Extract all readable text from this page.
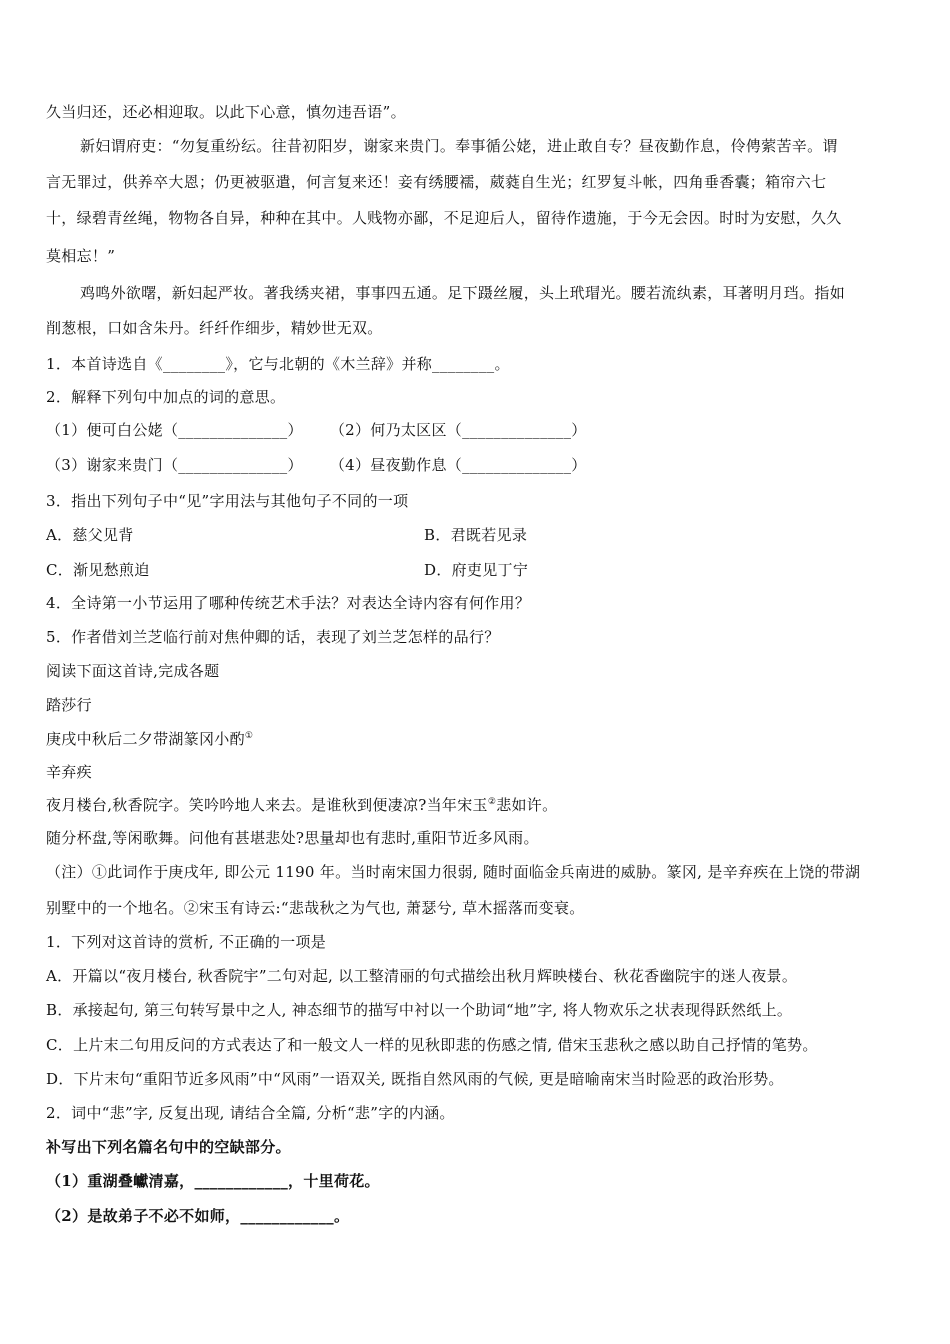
久当归还，还必相迎取。以此下心意，慎勿违吾语”。
新妇谓府吏：“勿复重纷纭。往昔初阳岁，谢家来贵门。奉事循公姥，进止敢自专？昼夜勤作息，伶俜萦苦辛。谓
言无罪过，供养卒大恩；仍更被驱遣，何言复来还！妾有绣腰襦，葳蕤自生光；红罗复斗帐，四角垂香囊；箱帘六七
十，绿碧青丝绳，物物各自异，种种在其中。人贱物亦鄙，不足迎后人，留待作遗施，于今无会因。时时为安慰，久久
莫相忘！”
鸡鸣外欲曙，新妇起严妆。著我绣夹裙，事事四五通。足下蹑丝履，头上玳瑁光。腰若流纨素，耳著明月珰。指如
削葱根，口如含朱丹。纤纤作细步，精妙世无双。
1．本首诗选自《________》，它与北朝的《木兰辞》并称________。
2．解释下列句中加点的词的意思。
（1）便可白公姥（______________） （2）何乃太区区（______________）
（3）谢家来贵门（______________） （4）昼夜勤作息（______________）
3．指出下列句子中“见”字用法与其他句子不同的一项
A．慈父见背	B．君既若见录
C．渐见愁煎迫	D．府吏见丁宁
4．全诗第一小节运用了哪种传统艺术手法？对表达全诗内容有何作用？
5．作者借刘兰芝临行前对焦仲卿的话，表现了刘兰芝怎样的品行？
阅读下面这首诗,完成各题
踏莎行
庚戌中秋后二夕带湖篆冈小酌①
辛弃疾
夜月楼台,秋香院字。笑吟吟地人来去。是谁秋到便凄凉?当年宋玉②悲如许。
随分杯盘,等闲歌舞。问他有甚堪悲处?思量却也有悲时,重阳节近多风雨。
（注）①此词作于庚戌年, 即公元 1190 年。当时南宋国力很弱, 随时面临金兵南进的威胁。篆冈, 是辛弃疾在上饶的带湖
别墅中的一个地名。②宋玉有诗云:“悲哉秋之为气也, 萧瑟兮, 草木摇落而变衰。
1．下列对这首诗的赏析, 不正确的一项是
A．开篇以“夜月楼台, 秋香院宇”二句对起, 以工整清丽的句式描绘出秋月辉映楼台、秋花香幽院宇的迷人夜景。
B．承接起句, 第三句转写景中之人, 神态细节的描写中衬以一个助词“地”字, 将人物欢乐之状表现得跃然纸上。
C．上片末二句用反问的方式表达了和一般文人一样的见秋即悲的伤感之情, 借宋玉悲秋之感以助自己抒情的笔势。
D．下片末句“重阳节近多风雨”中“风雨”一语双关, 既指自然风雨的气候, 更是暗喻南宋当时险恶的政治形势。
2．词中“悲”字, 反复出现, 请结合全篇, 分析“悲”字的内涵。
补写出下列名篇名句中的空缺部分。
（1）重湖叠巘清嘉，____________，十里荷花。
（2）是故弟子不必不如师，____________。
